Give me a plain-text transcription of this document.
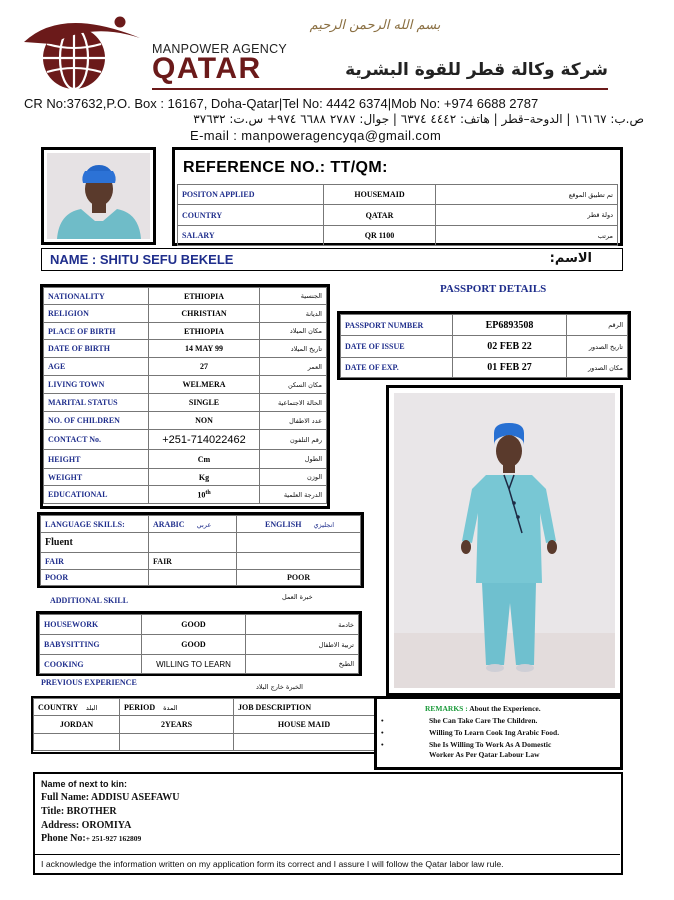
بسم الله الرحمن الرحيم
MANPOWER AGENCY
QATAR	شركة وكالة قطر للقوة البشرية
CR No:37632,P.O. Box : 16167, Doha-Qatar|Tel No: 4442 6374|Mob No: +974 6688 2787
ص.ب: ١٦١٦٧ | الدوحة–قطر | هاتف: ٤٤٤٢ ٦٣٧٤ | جوال: ٢٧٨٧ ٦٦٨٨ ٩٧٤+ س.ت: ٣٧٦٣٢
E-mail : manpoweragencyqa@gmail.com
REFERENCE NO.: TT/QM:
POSITON APPLIED	HOUSEMAID	تم تطبيق الموقع
COUNTRY	QATAR	دولة قطر
SALARY	QR 1100	مرتب
NAME : SHITU SEFU BEKELE	الاسم:
NATIONALITY	ETHIOPIA	الجنسية
RELIGION	CHRISTIAN	الديانة
PLACE OF BIRTH	ETHIOPIA	مكان الميلاد
DATE OF BIRTH	14 MAY 99	تاريخ الميلاد
AGE	27	العمر
LIVING TOWN	WELMERA	مكان السكن
MARITAL STATUS	SINGLE	الحالة الاجتماعية
NO. OF CHILDREN	NON	عدد الاطفال
CONTACT No.	+251-714022462	رقم التلفون
HEIGHT	Cm	الطول
WEIGHT	Kg	الوزن
EDUCATIONAL	10th	الدرجة العلمية
PASSPORT DETAILS
PASSPORT NUMBER	EP6893508	الرقم
DATE OF ISSUE	02 FEB 22	تاريخ الصدور
DATE OF EXP.	01 FEB 27	مكان الصدور
LANGUAGE SKILLS:	ARABIC عربي	ENGLISH انجليزي
Fluent		
FAIR	FAIR	
POOR		POOR
ADDITIONAL SKILL	خبرة العمل
HOUSEWORK	GOOD	خادمة
BABYSITTING	GOOD	تربية الاطفال
COOKING	WILLING TO LEARN	الطبخ
PREVIOUS EXPERIENCE	الخبرة خارج البلاد
COUNTRY البلد	PERIOD المدة	JOB DESCRIPTION
JORDAN	2YEARS	HOUSE MAID

REMARKS : About the Experience.
•	She Can Take Care The Children.
•	Willing To Learn Cook Ing Arabic Food.
•	She Is Willing To Work As A Domestic Worker As Per Qatar Labour Law
Name of next to kin:
Full Name: ADDISU ASEFAWU
Title: BROTHER
Address: OROMIYA
Phone No:+ 251-927 162809
I acknowledge the information written on my application form its correct and I assure I will follow the Qatar labor law rule.
